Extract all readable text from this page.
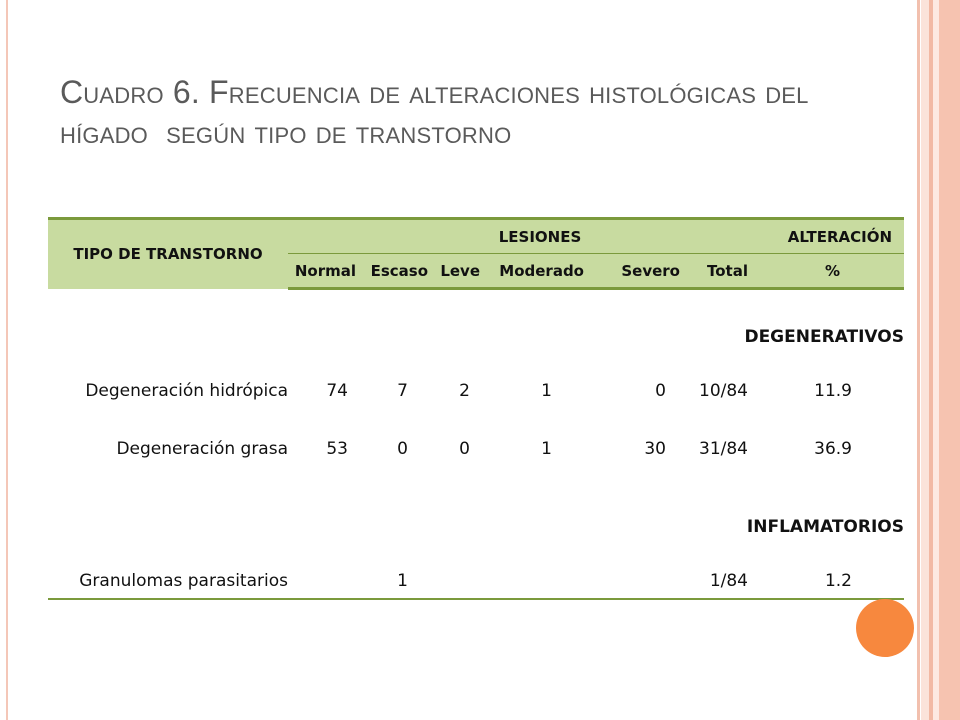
Cuadro 6. Frecuencia de alteraciones histológicas del
hígado  según tipo de transtorno
TIPO DE TRANSTORNO	LESIONES						ALTERACIÓN
	Normal	Escaso	Leve	Moderado	Severo	Total	%

DEGENERATIVOS							

Degeneración hidrópica	74	7	2	1	0	10/84	11.9

Degeneración grasa	53	0	0	1	30	31/84	36.9

INFLAMATORIOS							

Granulomas parasitarios		1				1/84	1.2
